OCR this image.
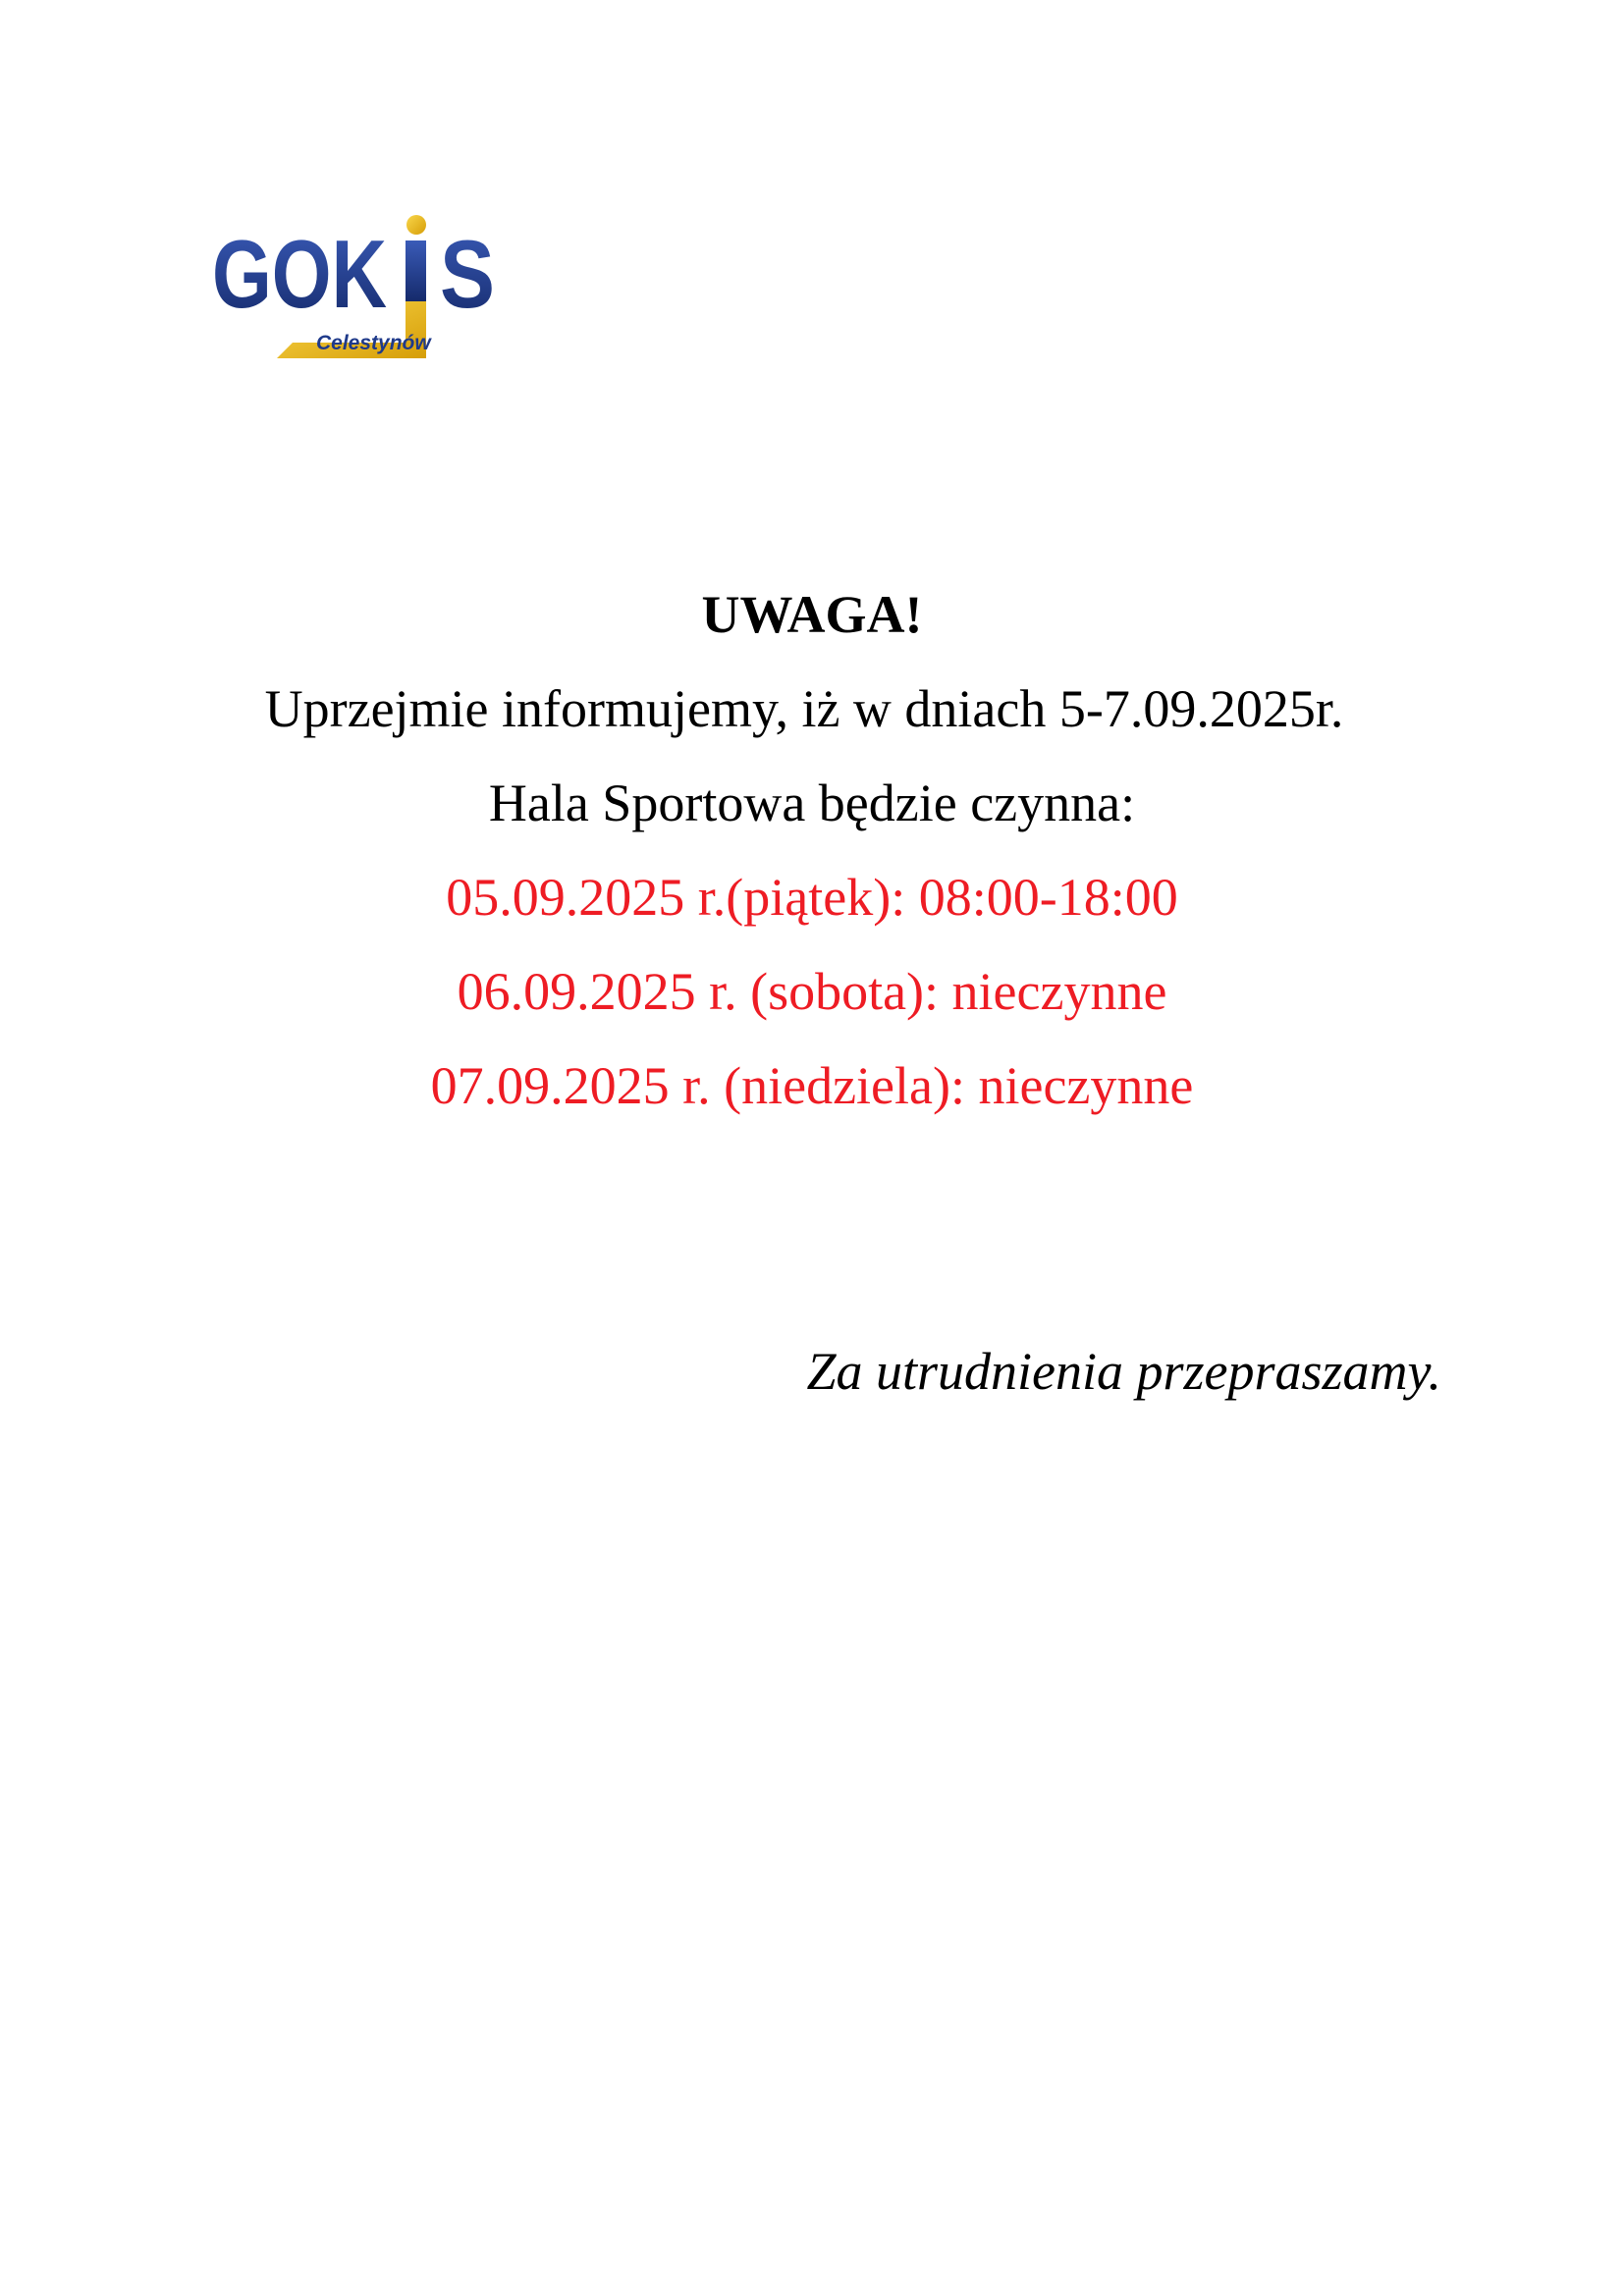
GOK S
Celestynów
UWAGA!
Uprzejmie informujemy, iż w dniach 5-7.09.2025r.
Hala Sportowa będzie czynna:
05.09.2025 r.(piątek): 08:00-18:00
06.09.2025 r. (sobota): nieczynne
07.09.2025 r. (niedziela): nieczynne
Za utrudnienia przepraszamy.
